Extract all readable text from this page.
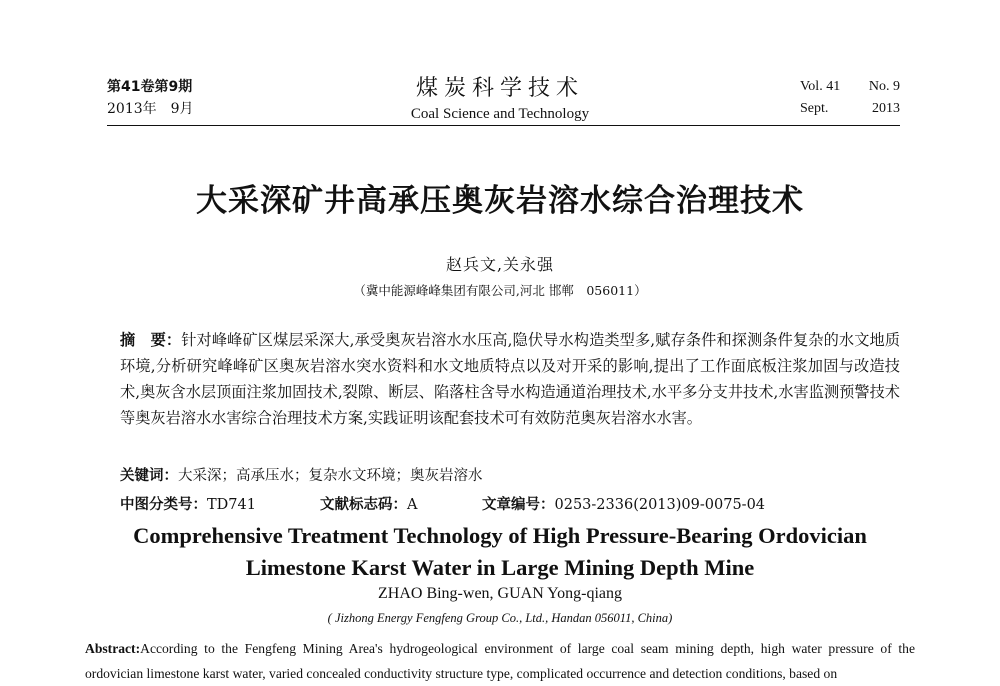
第41卷第9期
2013年　9月
煤炭科学技术
Coal Science and Technology
Vol. 41 No. 9
Sept.	2013
大采深矿井高承压奥灰岩溶水综合治理技术
赵兵文,关永强
（冀中能源峰峰集团有限公司,河北 邯郸　056011）
摘　要：针对峰峰矿区煤层采深大,承受奥灰岩溶水水压高,隐伏导水构造类型多,赋存条件和探测条件复杂的水文地质环境,分析研究峰峰矿区奥灰岩溶水突水资料和水文地质特点以及对开采的影响,提出了工作面底板注浆加固与改造技术,奥灰含水层顶面注浆加固技术,裂隙、断层、陷落柱含导水构造通道治理技术,水平多分支井技术,水害监测预警技术等奥灰岩溶水水害综合治理技术方案,实践证明该配套技术可有效防范奥灰岩溶水水害。
关键词：大采深；高承压水；复杂水文环境；奥灰岩溶水
中图分类号：TD741	文献标志码：A	文章编号：0253-2336(2013)09-0075-04
Comprehensive Treatment Technology of High Pressure-Bearing Ordovician
Limestone Karst Water in Large Mining Depth Mine
ZHAO Bing-wen, GUAN Yong-qiang
( Jizhong Energy Fengfeng Group Co., Ltd., Handan 056011, China)
Abstract:According to the Fengfeng Mining Area's hydrogeological environment of large coal seam mining depth, high water pressure of the ordovician limestone karst water, varied concealed conductivity structure type, complicated occurrence and detection conditions, based on
